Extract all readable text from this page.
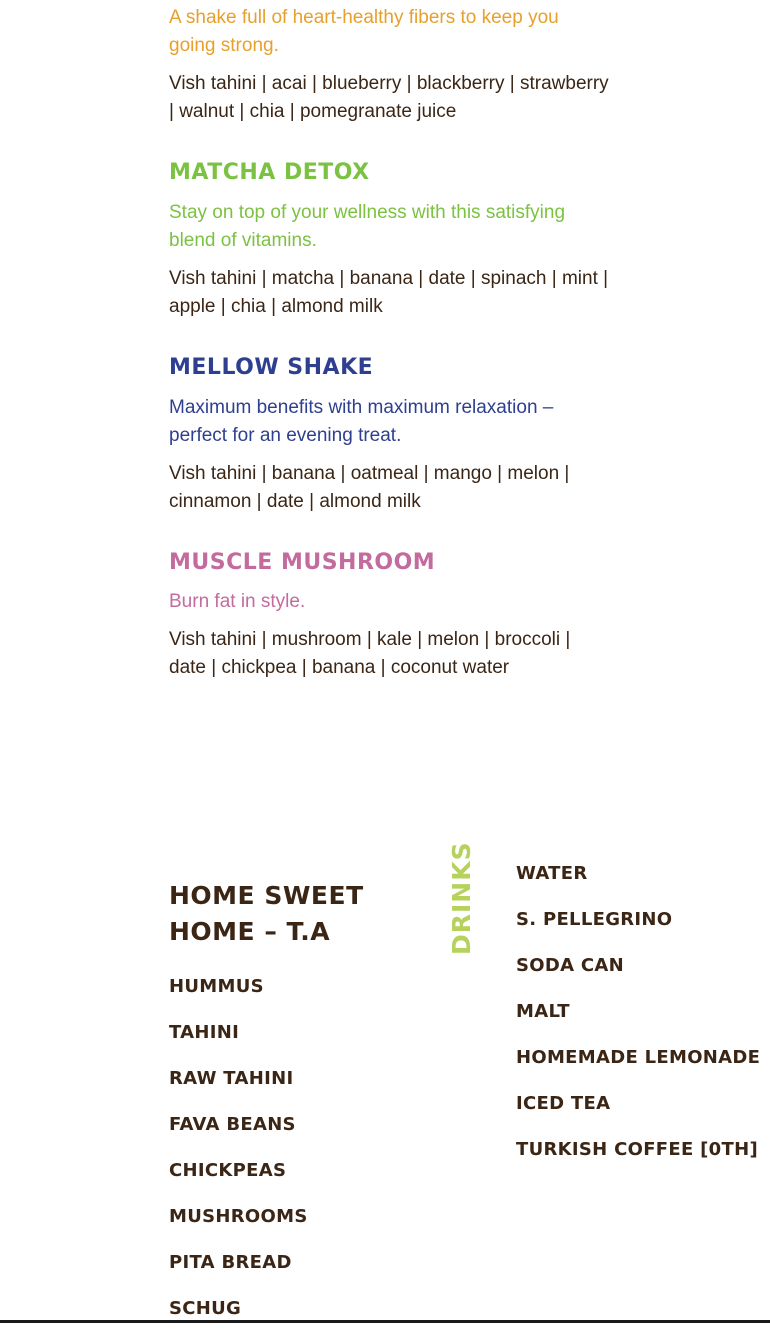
A shake full of heart-healthy fibers to keep you going strong.

Vish tahini | acai | blueberry | blackberry | strawberry | walnut | chia | pomegranate juice

MATCHA DETOX

Stay on top of your wellness with this satisfying blend of vitamins.

Vish tahini | matcha | banana | date | spinach | mint | apple | chia | almond milk

MELLOW SHAKE

Maximum benefits with maximum relaxation – perfect for an evening treat.

Vish tahini | banana | oatmeal | mango | melon | cinnamon | date | almond milk

MUSCLE MUSHROOM

Burn fat in style.

Vish tahini | mushroom | kale | melon | broccoli | date | chickpea | banana | coconut water

HOME SWEET HOME – T.A
HUMMUS
TAHINI
RAW TAHINI
FAVA BEANS
CHICKPEAS
MUSHROOMS
PITA BREAD
SCHUG
DRINKS WATER
S. PELLEGRINO
SODA CAN
MALT
HOMEMADE LEMONADE
ICED TEA
TURKISH COFFEE [0TH]
